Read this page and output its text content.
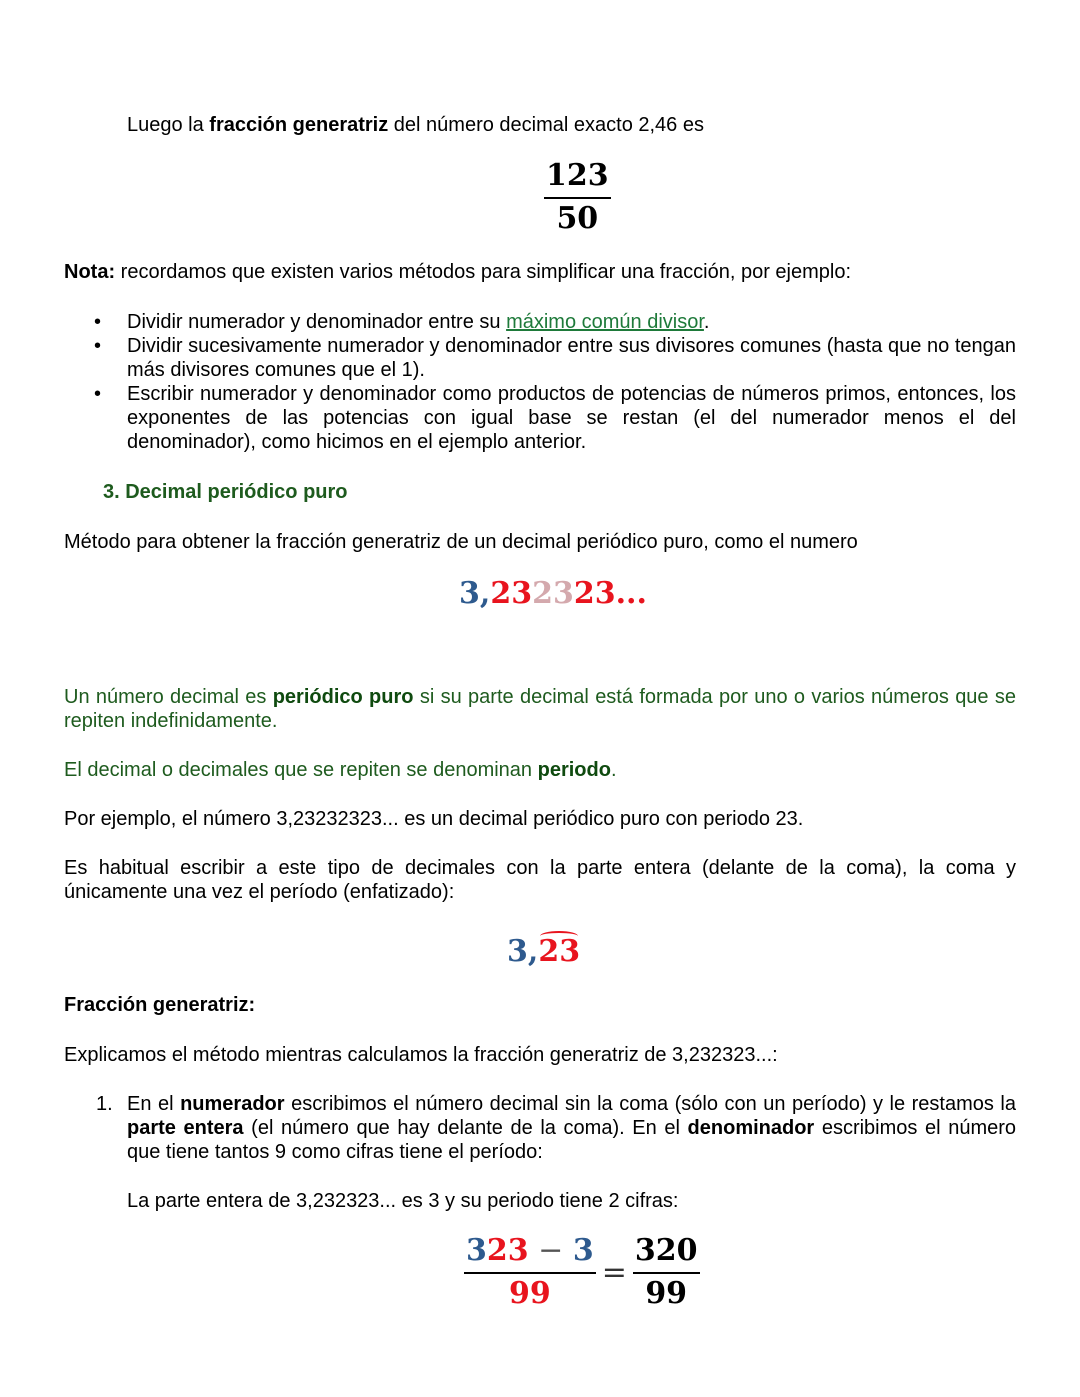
Luego la fracción generatriz del número decimal exacto 2,46 es

$\frac{123}{50}$

Nota: recordamos que existen varios métodos para simplificar una fracción, por ejemplo:

• Dividir numerador y denominador entre su máximo común divisor.
• Dividir sucesivamente numerador y denominador entre sus divisores comunes (hasta que no tengan más divisores comunes que el 1).
• Escribir numerador y denominador como productos de potencias de números primos, entonces, los exponentes de las potencias con igual base se restan (el del numerador menos el del denominador), como hicimos en el ejemplo anterior.
3. Decimal periódico puro

Método para obtener la fracción generatriz de un decimal periódico puro, como el numero

3,232323...

Un número decimal es periódico puro si su parte decimal está formada por uno o varios números que se repiten indefinidamente.

El decimal o decimales que se repiten se denominan periodo.

Por ejemplo, el número 3,23232323... es un decimal periódico puro con periodo 23.

Es habitual escribir a este tipo de decimales con la parte entera (delante de la coma), la coma y únicamente una vez el período (enfatizado):

3,
23

Fracción generatriz:

Explicamos el método mientras calculamos la fracción generatriz de 3,232323...:

1. En el numerador escribimos el número decimal sin la coma (sólo con un período) y le restamos la parte entera (el número que hay delante de la coma). En el denominador escribimos el número que tiene tantos 9 como cifras tiene el período:

La parte entera de 3,232323... es 3 y su periodo tiene 2 cifras:

$\frac{323 - 3}{99} = \frac{320}{99}$
